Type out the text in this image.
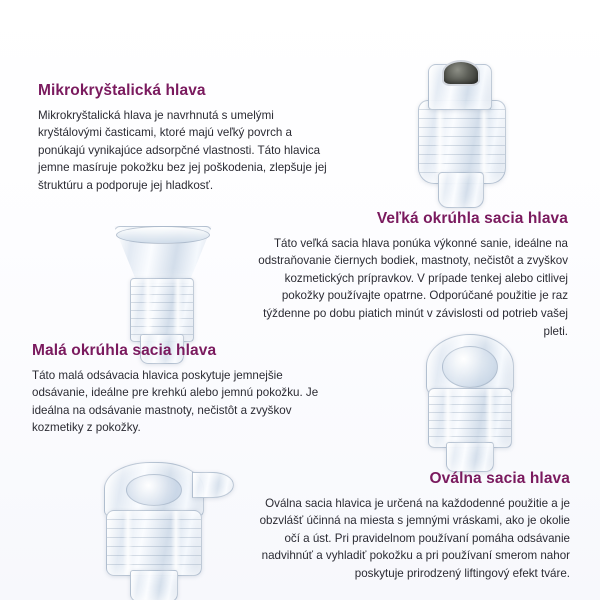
Mikrokryštalická hlava

Mikrokryštalická hlava je navrhnutá s umelými kryštálovými časticami, ktoré majú veľký povrch a ponúkajú vynikajúce adsorpčné vlastnosti. Táto hlavica jemne masíruje pokožku bez jej poškodenia, zlepšuje jej štruktúru a podporuje jej hladkosť.

Veľká okrúhla sacia hlava

Táto veľká sacia hlava ponúka výkonné sanie, ideálne na odstraňovanie čiernych bodiek, mastnoty, nečistôt a zvyškov kozmetických prípravkov. V prípade tenkej alebo citlivej pokožky používajte opatrne. Odporúčané použitie je raz týždenne po dobu piatich minút v závislosti od potrieb vašej pleti.

Malá okrúhla sacia hlava

Táto malá odsávacia hlavica poskytuje jemnejšie odsávanie, ideálne pre krehkú alebo jemnú pokožku. Je ideálna na odsávanie mastnoty, nečistôt a zvyškov kozmetiky z pokožky.

Oválna sacia hlava

Oválna sacia hlavica je určená na každodenné použitie a je obzvlášť účinná na miesta s jemnými vráskami, ako je okolie očí a úst. Pri pravidelnom používaní pomáha odsávanie nadvihnúť a vyhladiť pokožku a pri používaní smerom nahor poskytuje prirodzený liftingový efekt tváre.
